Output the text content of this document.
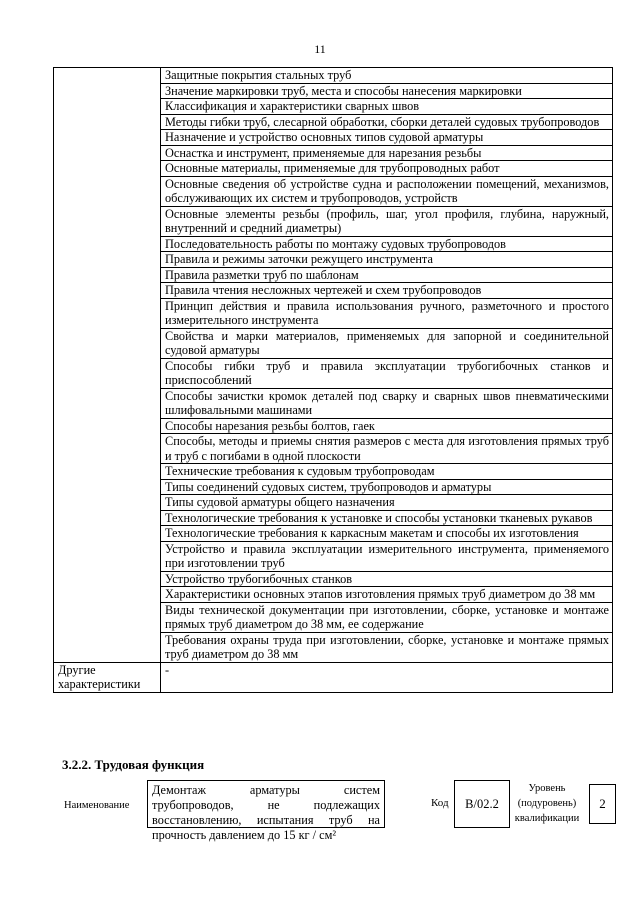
11
	Защитные покрытия стальных труб
	Значение маркировки труб, места и способы нанесения маркировки
	Классификация и характеристики сварных швов
	Методы гибки труб, слесарной обработки, сборки деталей судовых трубопроводов
	Назначение и устройство основных типов судовой арматуры
	Оснастка и инструмент, применяемые для нарезания резьбы
	Основные материалы, применяемые для трубопроводных работ
	Основные сведения об устройстве судна и расположении помещений, механизмов, обслуживающих их систем и трубопроводов, устройств
	Основные элементы резьбы (профиль, шаг, угол профиля, глубина, наружный, внутренний и средний диаметры)
	Последовательность работы по монтажу судовых трубопроводов
	Правила и режимы заточки режущего инструмента
	Правила разметки труб по шаблонам
	Правила чтения несложных чертежей и схем трубопроводов
	Принцип действия и правила использования ручного, разметочного и простого измерительного инструмента
	Свойства и марки материалов, применяемых для запорной и соединительной судовой арматуры
	Способы гибки труб и правила эксплуатации трубогибочных станков и приспособлений
	Способы зачистки кромок деталей под сварку и сварных швов пневматическими шлифовальными машинами
	Способы нарезания резьбы болтов, гаек
	Способы, методы и приемы снятия размеров с места для изготовления прямых труб и труб с погибами в одной плоскости
	Технические требования к судовым трубопроводам
	Типы соединений судовых систем, трубопроводов и арматуры
	Типы судовой арматуры общего назначения
	Технологические требования к установке и способы установки тканевых рукавов
	Технологические требования к каркасным макетам и способы их изготовления
	Устройство и правила эксплуатации измерительного инструмента, применяемого при изготовлении труб
	Устройство трубогибочных станков
	Характеристики основных этапов изготовления прямых труб диаметром до 38 мм
	Виды технической документации при изготовлении, сборке, установке и монтаже прямых труб диаметром до 38 мм, ее содержание
	Требования охраны труда при изготовлении, сборке, установке и монтаже прямых труб диаметром до 38 мм
Другие характеристики	-
3.2.2. Трудовая функция
Наименование
Демонтаж арматуры систем трубопроводов, не подлежащих восстановлению, испытания труб на прочность давлением до 15 кг / см²
Код	B/02.2
Уровень (подуровень) квалификации
2
